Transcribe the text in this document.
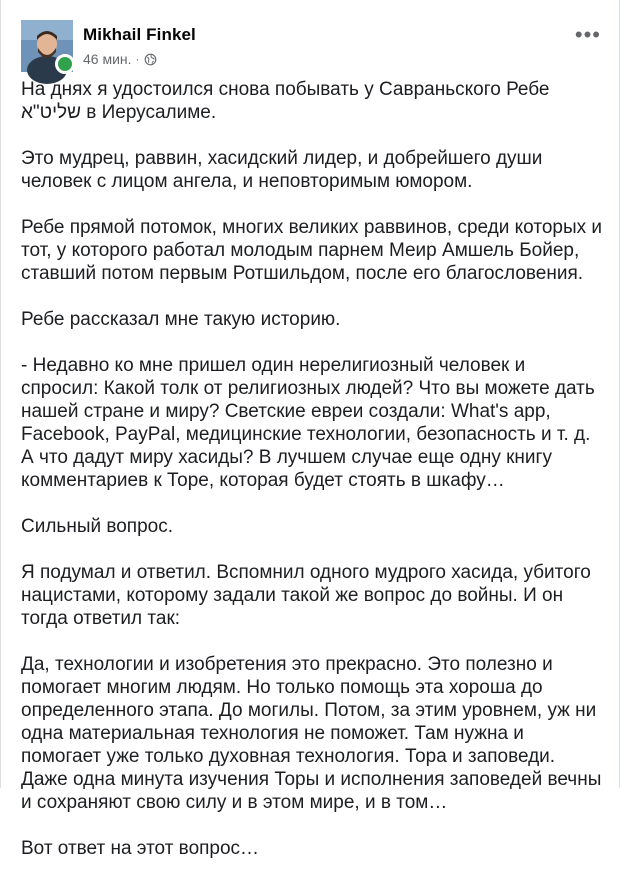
Mikhail Finkel
46 мин. ·
•••

На днях я удостоился снова побывать у Савраньского Ребе שליט"א в Иерусалиме.

Это мудрец, раввин, хасидский лидер, и добрейшего души человек с лицом ангела, и неповторимым юмором.

Ребе прямой потомок, многих великих раввинов, среди которых и тот, у которого работал молодым парнем Меир Амшель Бойер, ставший потом первым Ротшильдом, после его благословения.

Ребе рассказал мне такую историю.

- Недавно ко мне пришел один нерелигиозный человек и спросил: Какой толк от религиозных людей? Что вы можете дать нашей стране и миру? Светские евреи создали: What's app, Facebook, PayPal, медицинские технологии, безопасность и т. д. А что дадут миру хасиды? В лучшем случае еще одну книгу комментариев к Торе, которая будет стоять в шкафу…

Сильный вопрос.

Я подумал и ответил. Вспомнил одного мудрого хасида, убитого нацистами, которому задали такой же вопрос до войны. И он тогда ответил так:

Да, технологии и изобретения это прекрасно. Это полезно и помогает многим людям. Но только помощь эта хороша до определенного этапа. До могилы. Потом, за этим уровнем, уж ни одна материальная технология не поможет. Там нужна и помогает уже только духовная технология. Тора и заповеди. Даже одна минута изучения Торы и исполнения заповедей вечны и сохраняют свою силу и в этом мире, и в том…

Вот ответ на этот вопрос…
